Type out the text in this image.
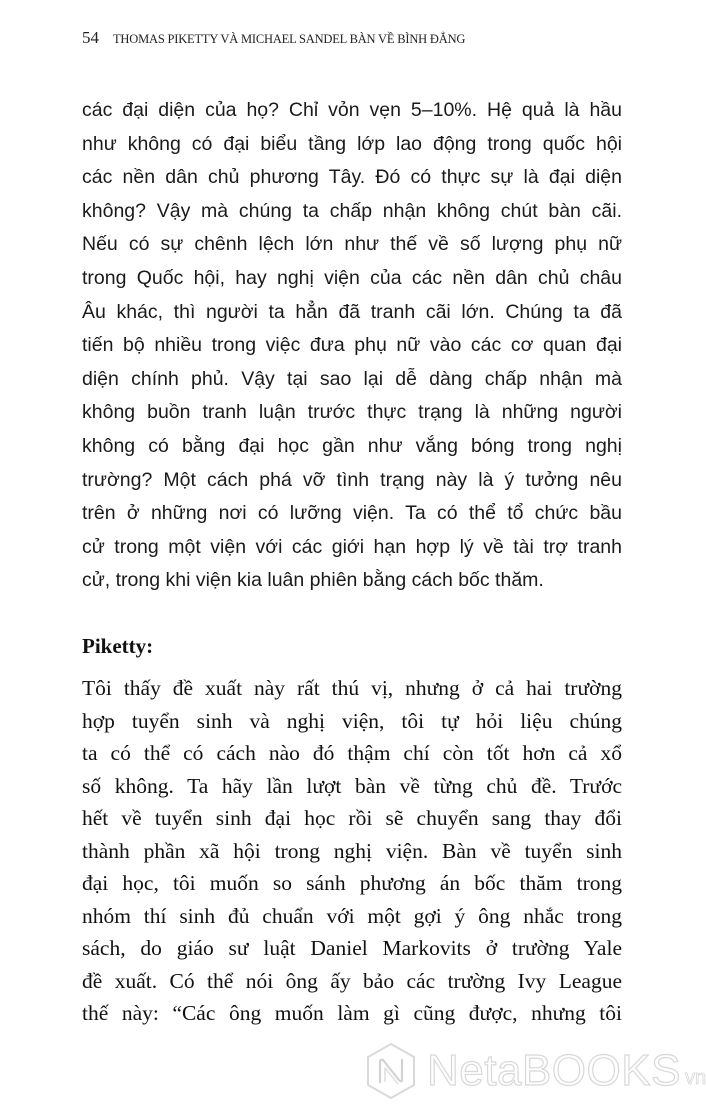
54 THOMAS PIKETTY VÀ MICHAEL SANDEL BÀN VỀ BÌNH ĐẲNG
các đại diện của họ? Chỉ vỏn vẹn 5–10%. Hệ quả là hầu
như không có đại biểu tầng lớp lao động trong quốc hội
các nền dân chủ phương Tây. Đó có thực sự là đại diện
không? Vậy mà chúng ta chấp nhận không chút bàn cãi.
Nếu có sự chênh lệch lớn như thế về số lượng phụ nữ
trong Quốc hội, hay nghị viện của các nền dân chủ châu
Âu khác, thì người ta hẳn đã tranh cãi lớn. Chúng ta đã
tiến bộ nhiều trong việc đưa phụ nữ vào các cơ quan đại
diện chính phủ. Vậy tại sao lại dễ dàng chấp nhận mà
không buồn tranh luận trước thực trạng là những người
không có bằng đại học gần như vắng bóng trong nghị
trường? Một cách phá vỡ tình trạng này là ý tưởng nêu
trên ở những nơi có lưỡng viện. Ta có thể tổ chức bầu
cử trong một viện với các giới hạn hợp lý về tài trợ tranh
cử, trong khi viện kia luân phiên bằng cách bốc thăm.
Piketty:
Tôi thấy đề xuất này rất thú vị, nhưng ở cả hai trường
hợp tuyển sinh và nghị viện, tôi tự hỏi liệu chúng
ta có thể có cách nào đó thậm chí còn tốt hơn cả xổ
số không. Ta hãy lần lượt bàn về từng chủ đề. Trước
hết về tuyển sinh đại học rồi sẽ chuyển sang thay đổi
thành phần xã hội trong nghị viện. Bàn về tuyển sinh
đại học, tôi muốn so sánh phương án bốc thăm trong
nhóm thí sinh đủ chuẩn với một gợi ý ông nhắc trong
sách, do giáo sư luật Daniel Markovits ở trường Yale
đề xuất. Có thể nói ông ấy bảo các trường Ivy League
thế này: “Các ông muốn làm gì cũng được, nhưng tôi
NetaBOOKS vn
